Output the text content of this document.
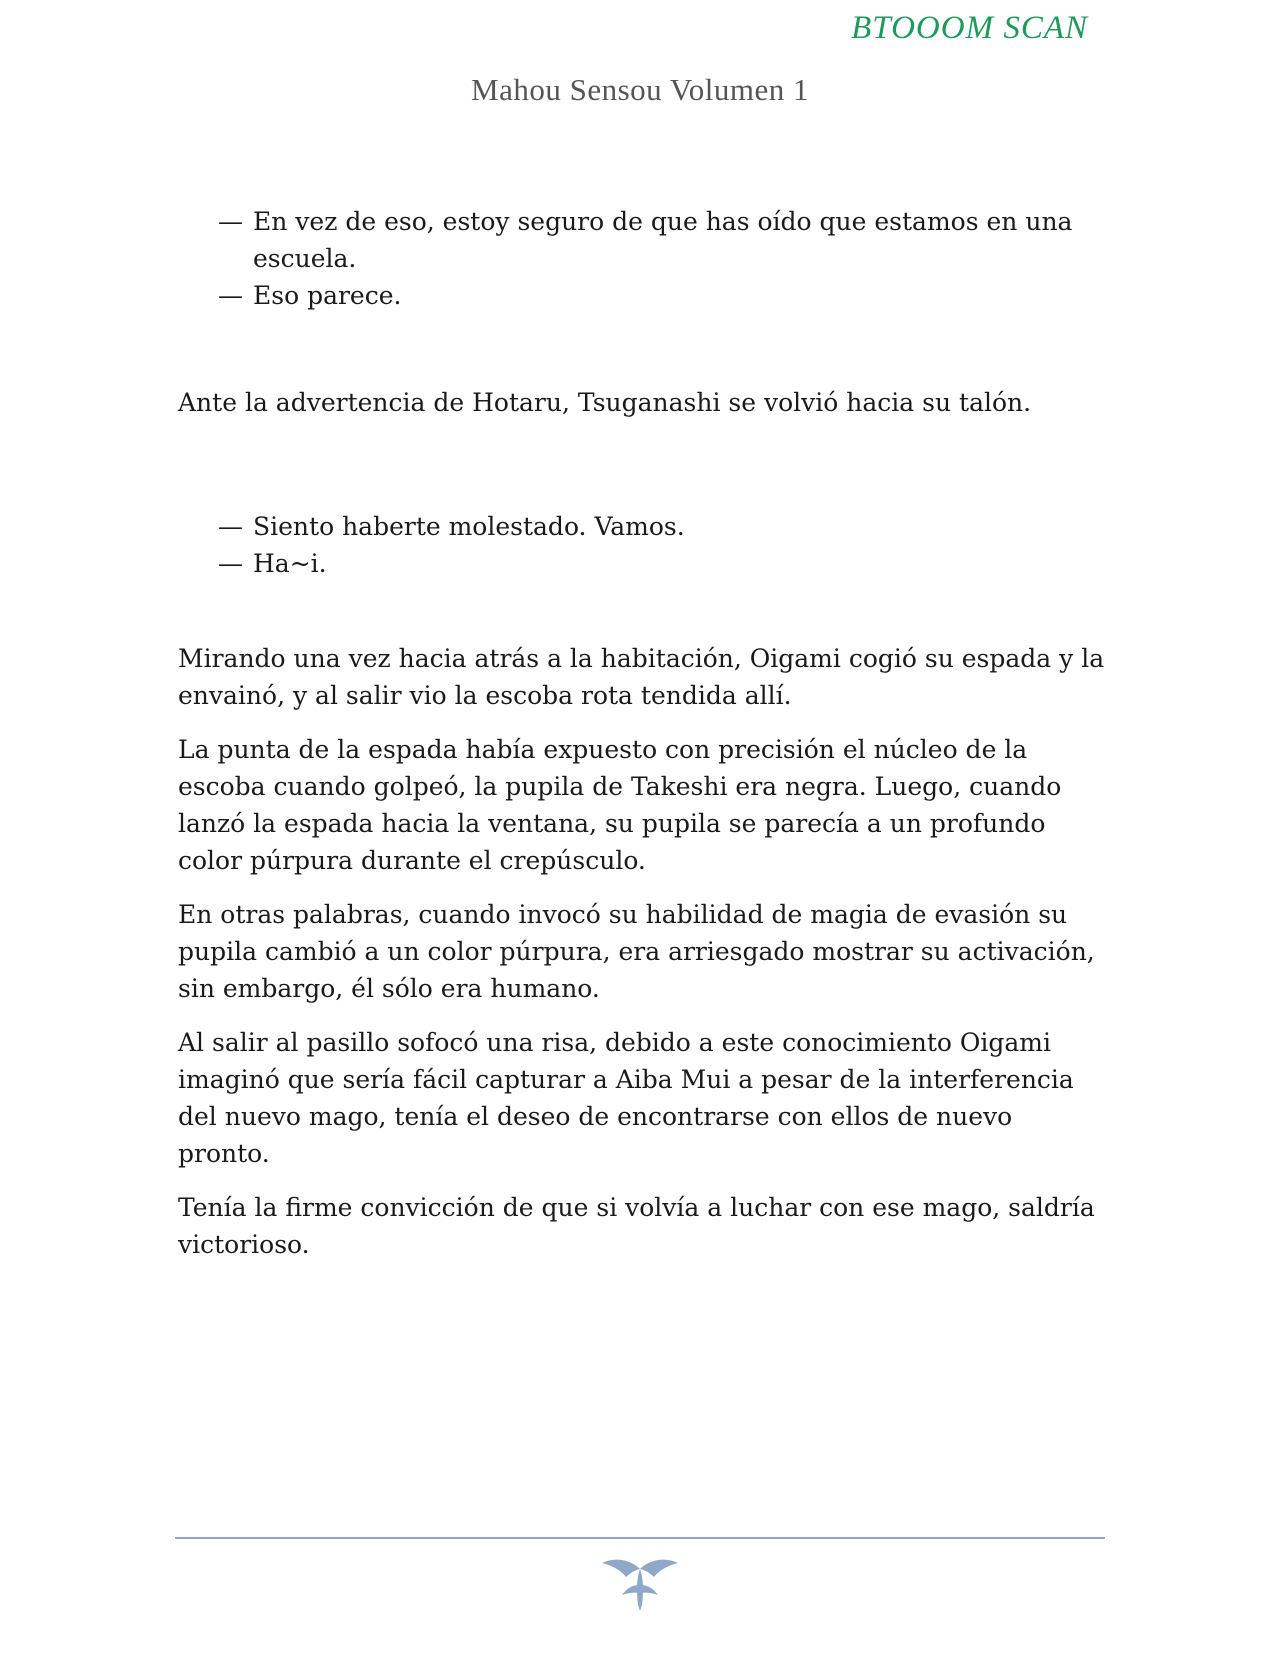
BTOOOM SCAN
Mahou Sensou Volumen 1
— En vez de eso, estoy seguro de que has oído que estamos en una escuela.
— Eso parece.

Ante la advertencia de Hotaru, Tsuganashi se volvió hacia su talón.

— Siento haberte molestado. Vamos.
— Ha~i.

Mirando una vez hacia atrás a la habitación, Oigami cogió su espada y la envainó, y al salir vio la escoba rota tendida allí.

La punta de la espada había expuesto con precisión el núcleo de la escoba cuando golpeó, la pupila de Takeshi era negra. Luego, cuando lanzó la espada hacia la ventana, su pupila se parecía a un profundo color púrpura durante el crepúsculo.

En otras palabras, cuando invocó su habilidad de magia de evasión su pupila cambió a un color púrpura, era arriesgado mostrar su activación, sin embargo, él sólo era humano.

Al salir al pasillo sofocó una risa, debido a este conocimiento Oigami imaginó que sería fácil capturar a Aiba Mui a pesar de la interferencia del nuevo mago, tenía el deseo de encontrarse con ellos de nuevo pronto.

Tenía la firme convicción de que si volvía a luchar con ese mago, saldría victorioso.
